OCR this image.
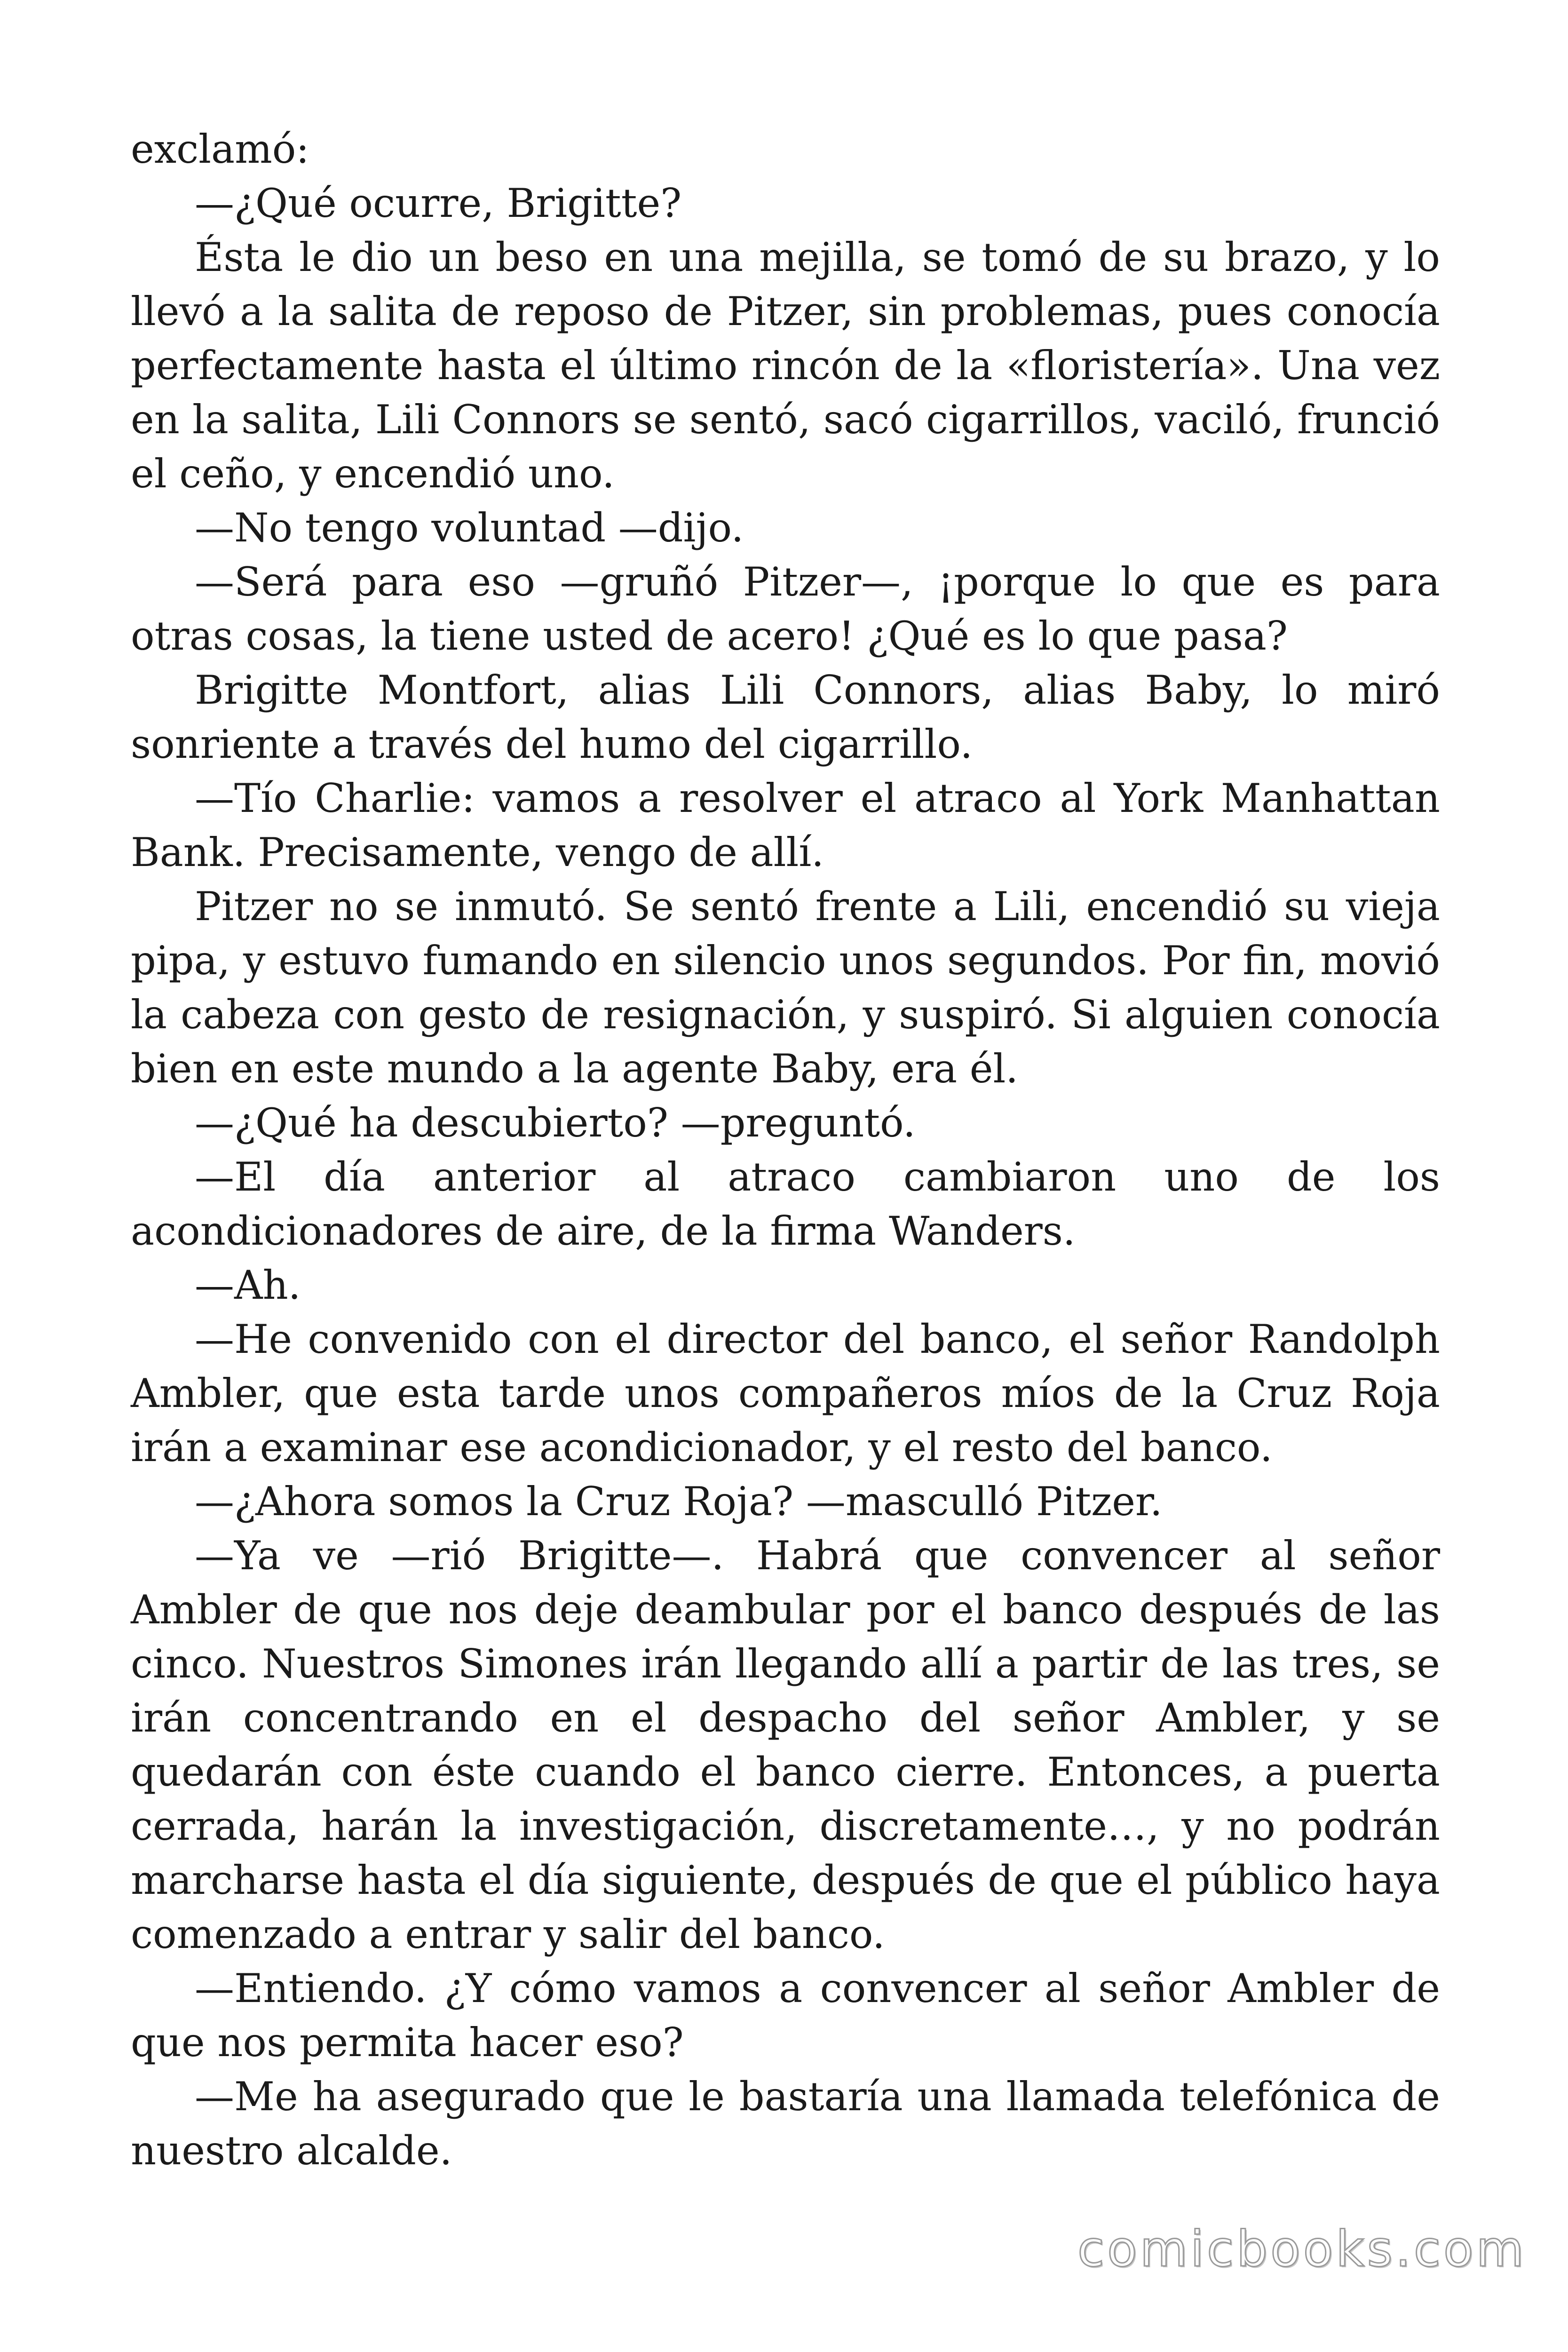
exclamó:

—¿Qué ocurre, Brigitte?

Ésta le dio un beso en una mejilla, se tomó de su brazo, y lo llevó a la salita de reposo de Pitzer, sin problemas, pues conocía perfectamente hasta el último rincón de la «floristería». Una vez en la salita, Lili Connors se sentó, sacó cigarrillos, vaciló, frunció el ceño, y encendió uno.

—No tengo voluntad —dijo.

—Será para eso —gruñó Pitzer—, ¡porque lo que es para otras cosas, la tiene usted de acero! ¿Qué es lo que pasa?

Brigitte Montfort, alias Lili Connors, alias Baby, lo miró sonriente a través del humo del cigarrillo.

—Tío Charlie: vamos a resolver el atraco al York Manhattan Bank. Precisamente, vengo de allí.

Pitzer no se inmutó. Se sentó frente a Lili, encendió su vieja pipa, y estuvo fumando en silencio unos segundos. Por fin, movió la cabeza con gesto de resignación, y suspiró. Si alguien conocía bien en este mundo a la agente Baby, era él.

—¿Qué ha descubierto? —preguntó.

—El día anterior al atraco cambiaron uno de los acondicionadores de aire, de la firma Wanders.

—Ah.

—He convenido con el director del banco, el señor Randolph Ambler, que esta tarde unos compañeros míos de la Cruz Roja irán a examinar ese acondicionador, y el resto del banco.

—¿Ahora somos la Cruz Roja? —masculló Pitzer.

—Ya ve —rió Brigitte—. Habrá que convencer al señor Ambler de que nos deje deambular por el banco después de las cinco. Nuestros Simones irán llegando allí a partir de las tres, se irán concentrando en el despacho del señor Ambler, y se quedarán con éste cuando el banco cierre. Entonces, a puerta cerrada, harán la investigación, discretamente…, y no podrán marcharse hasta el día siguiente, después de que el público haya comenzado a entrar y salir del banco.

—Entiendo. ¿Y cómo vamos a convencer al señor Ambler de que nos permita hacer eso?

—Me ha asegurado que le bastaría una llamada telefónica de nuestro alcalde.

comicbooks.com
